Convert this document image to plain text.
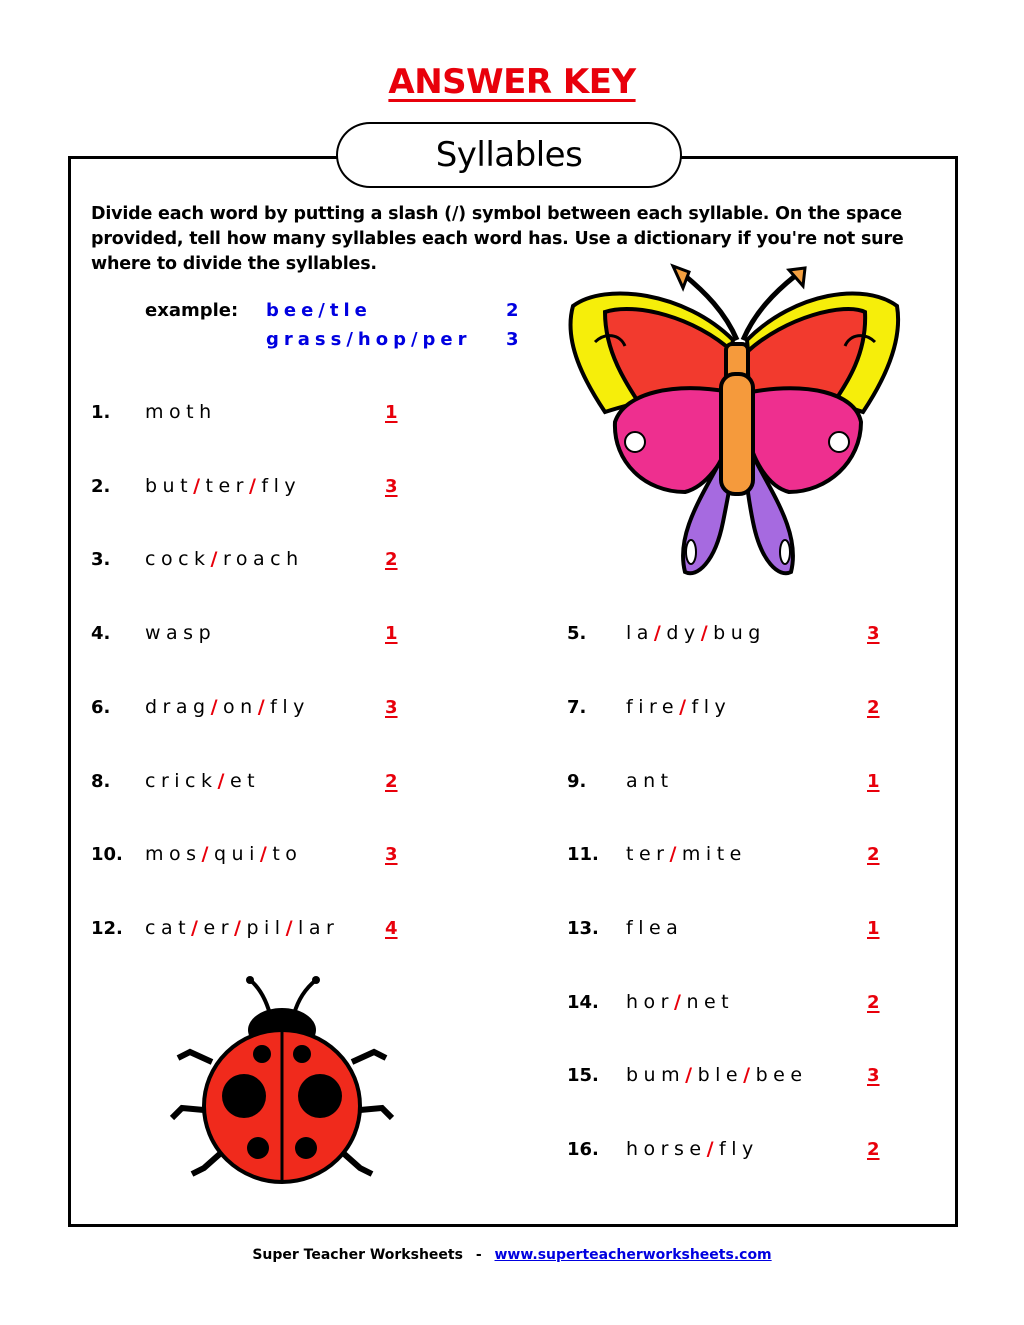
ANSWER KEY
Syllables
Divide each word by putting a slash (/) symbol between each syllable. On the space provided, tell how many syllables each word has. Use a dictionary if you're not sure where to divide the syllables.
example: bee/tle	2
grass/hop/per 3
1. moth	1
2. but/ter/fly	3
3. cock/roach	2
4. wasp	1	5. la/dy/bug	3
6. drag/on/fly	3	7. fire/fly	2
8. crick/et	2	9. ant	1
10. mos/qui/to	3	11. ter/mite	2
12. cat/er/pil/lar	4	13. flea	1
14. hor/net	2
15. bum/ble/bee	3
16. horse/fly	2
Super Teacher Worksheets - www.superteacherworksheets.com
